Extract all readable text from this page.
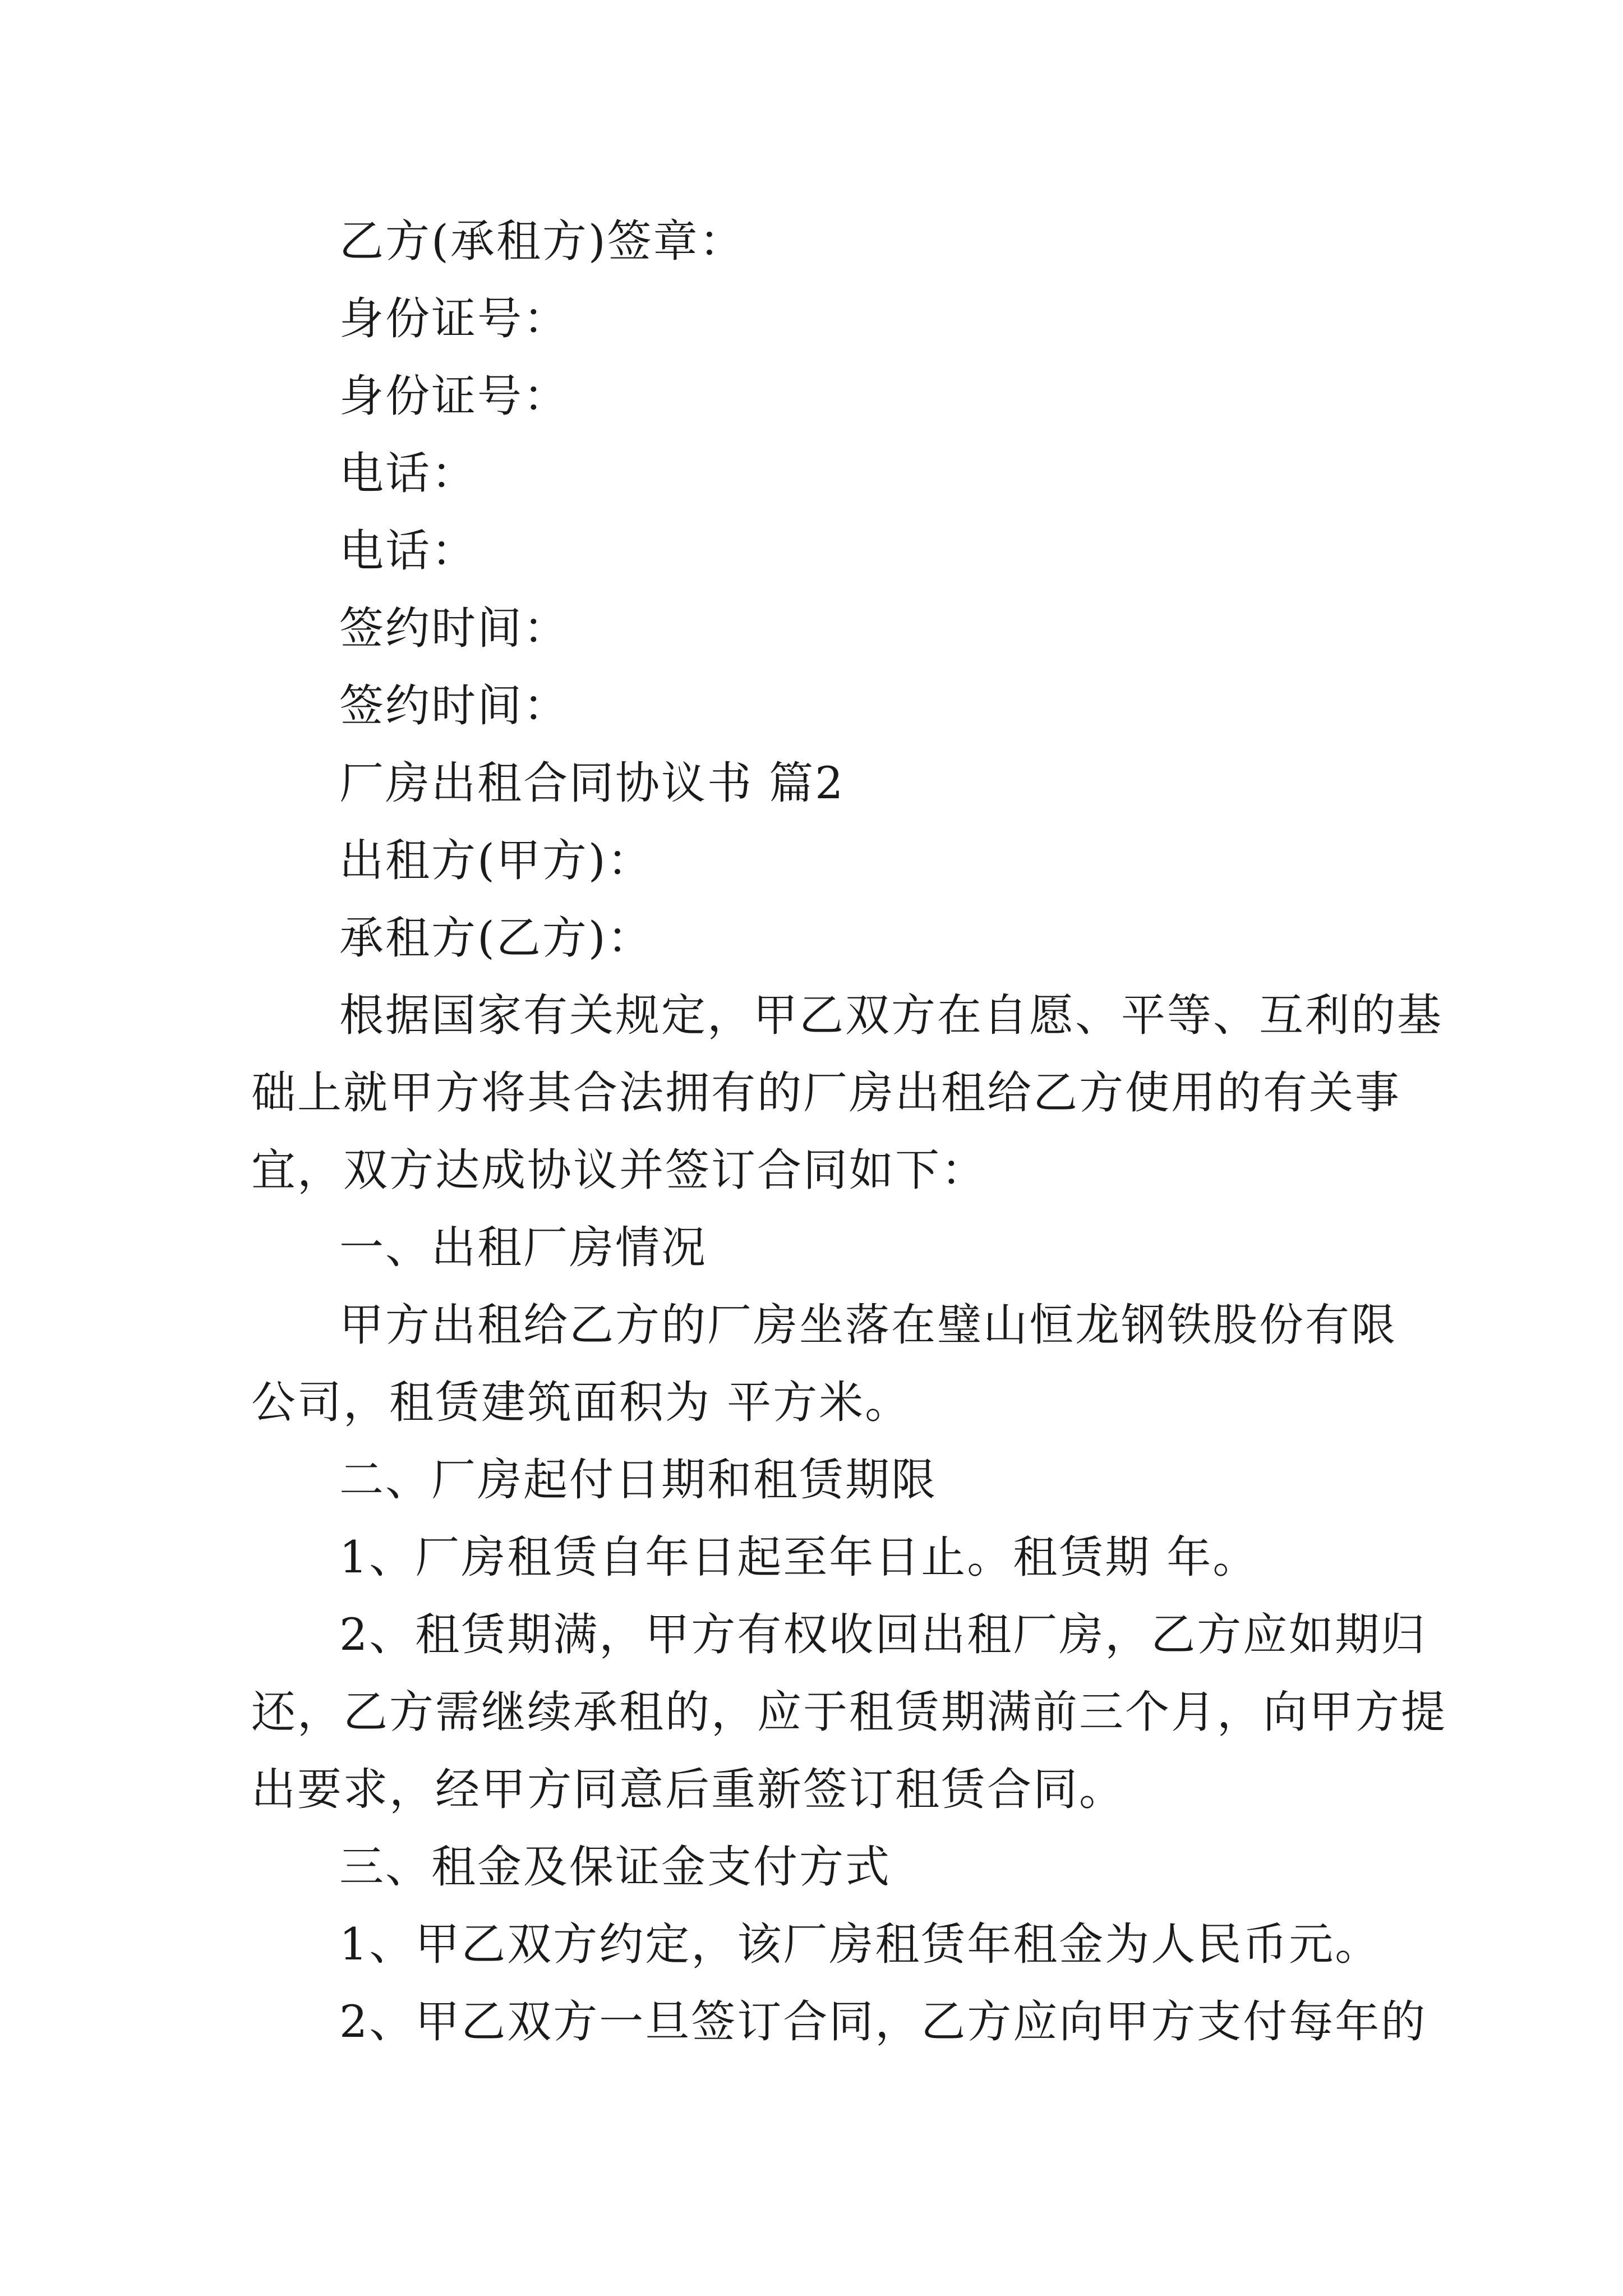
乙方(承租方)签章：
身份证号：
身份证号：
电话：
电话：
签约时间：
签约时间：
厂房出租合同协议书 篇2
出租方(甲方)：
承租方(乙方)：
根据国家有关规定，甲乙双方在自愿、平等、互利的基
础上就甲方将其合法拥有的厂房出租给乙方使用的有关事
宜，双方达成协议并签订合同如下：
一、出租厂房情况
甲方出租给乙方的厂房坐落在璧山恒龙钢铁股份有限
公司，租赁建筑面积为 平方米。
二、厂房起付日期和租赁期限
1、厂房租赁自年日起至年日止。租赁期 年。
2、租赁期满，甲方有权收回出租厂房，乙方应如期归
还，乙方需继续承租的，应于租赁期满前三个月，向甲方提
出要求，经甲方同意后重新签订租赁合同。
三、租金及保证金支付方式
1、甲乙双方约定，该厂房租赁年租金为人民币元。
2、甲乙双方一旦签订合同，乙方应向甲方支付每年的
